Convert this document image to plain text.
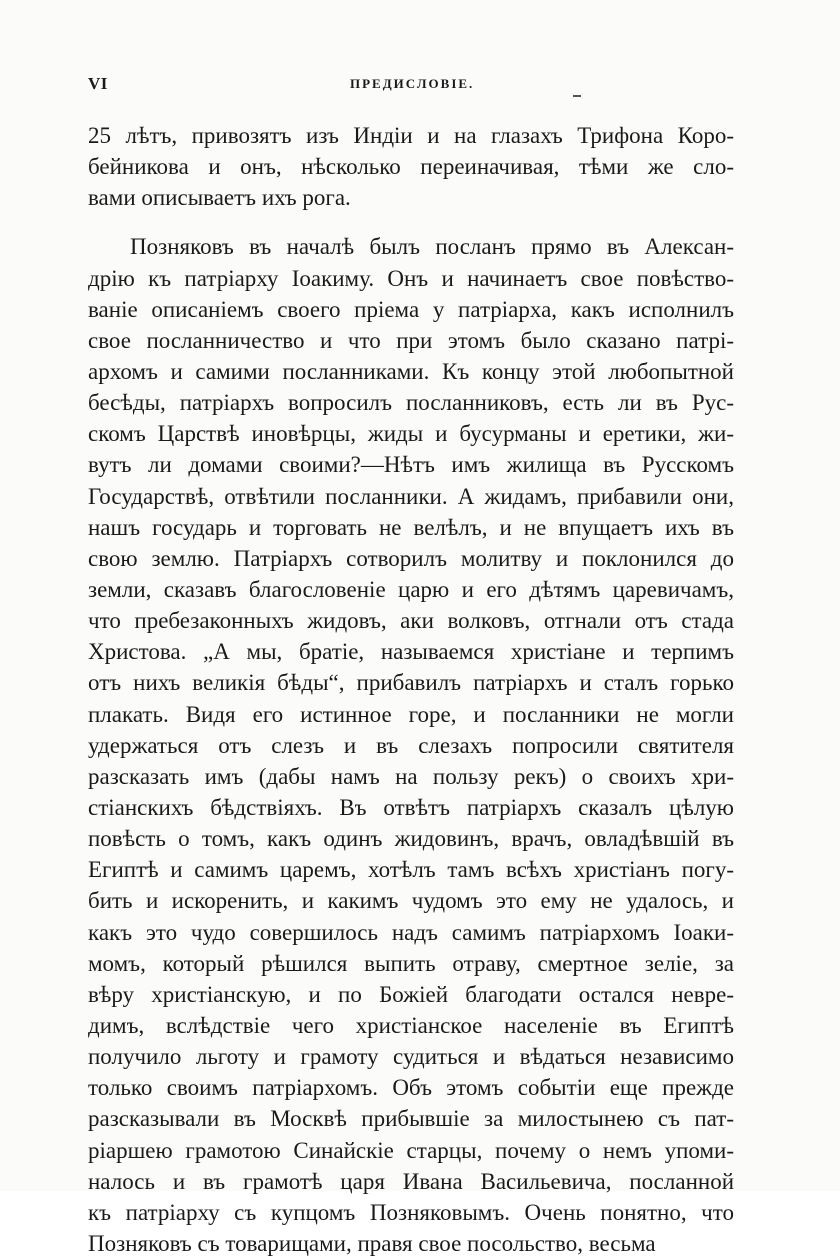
VI	ПРЕДИСЛОВІЕ.
25 лѣтъ, привозятъ изъ Индіи и на глазахъ Трифона Коро-
бейникова и онъ, нѣсколько переиначивая, тѣми же сло-
вами описываетъ ихъ рога.
Позняковъ въ началѣ былъ посланъ прямо въ Алексан-
дрію къ патріарху Іоакиму. Онъ и начинаетъ свое повѣство-
ваніе описаніемъ своего пріема у патріарха, какъ исполнилъ
свое посланничество и что при этомъ было сказано патрі-
архомъ и самими посланниками. Къ концу этой любопытной
бесѣды, патріархъ вопросилъ посланниковъ, есть ли въ Рус-
скомъ Царствѣ иновѣрцы, жиды и бусурманы и еретики, жи-
вутъ ли домами своими?—Нѣтъ имъ жилища въ Русскомъ
Государствѣ, отвѣтили посланники. А жидамъ, прибавили они,
нашъ государь и торговать не велѣлъ, и не впущаетъ ихъ въ
свою землю. Патріархъ сотворилъ молитву и поклонился до
земли, сказавъ благословеніе царю и его дѣтямъ царевичамъ,
что пребезаконныхъ жидовъ, аки волковъ, отгнали отъ стада
Христова. „А мы, братіе, называемся христіане и терпимъ
отъ нихъ великія бѣды“, прибавилъ патріархъ и сталъ горько
плакать. Видя его истинное горе, и посланники не могли
удержаться отъ слезъ и въ слезахъ попросили святителя
разсказать имъ (дабы намъ на пользу рекъ) о своихъ хри-
стіанскихъ бѣдствіяхъ. Въ отвѣтъ патріархъ сказалъ цѣлую
повѣсть о томъ, какъ одинъ жидовинъ, врачъ, овладѣвшій въ
Египтѣ и самимъ царемъ, хотѣлъ тамъ всѣхъ христіанъ погу-
бить и искоренить, и какимъ чудомъ это ему не удалось, и
какъ это чудо совершилось надъ самимъ патріархомъ Іоаки-
момъ, который рѣшился выпить отраву, смертное зеліе, за
вѣру христіанскую, и по Божіей благодати остался невре-
димъ, вслѣдствіе чего христіанское населеніе въ Египтѣ
получило льготу и грамоту судиться и вѣдаться независимо
только своимъ патріархомъ. Объ этомъ событіи еще прежде
разсказывали въ Москвѣ прибывшіе за милостынею съ пат-
ріаршею грамотою Синайскіе старцы, почему о немъ упоми-
налось и въ грамотѣ царя Ивана Васильевича, посланной
къ патріарху съ купцомъ Позняковымъ. Очень понятно, что
Позняковъ съ товарищами, правя свое посольство, весьма
